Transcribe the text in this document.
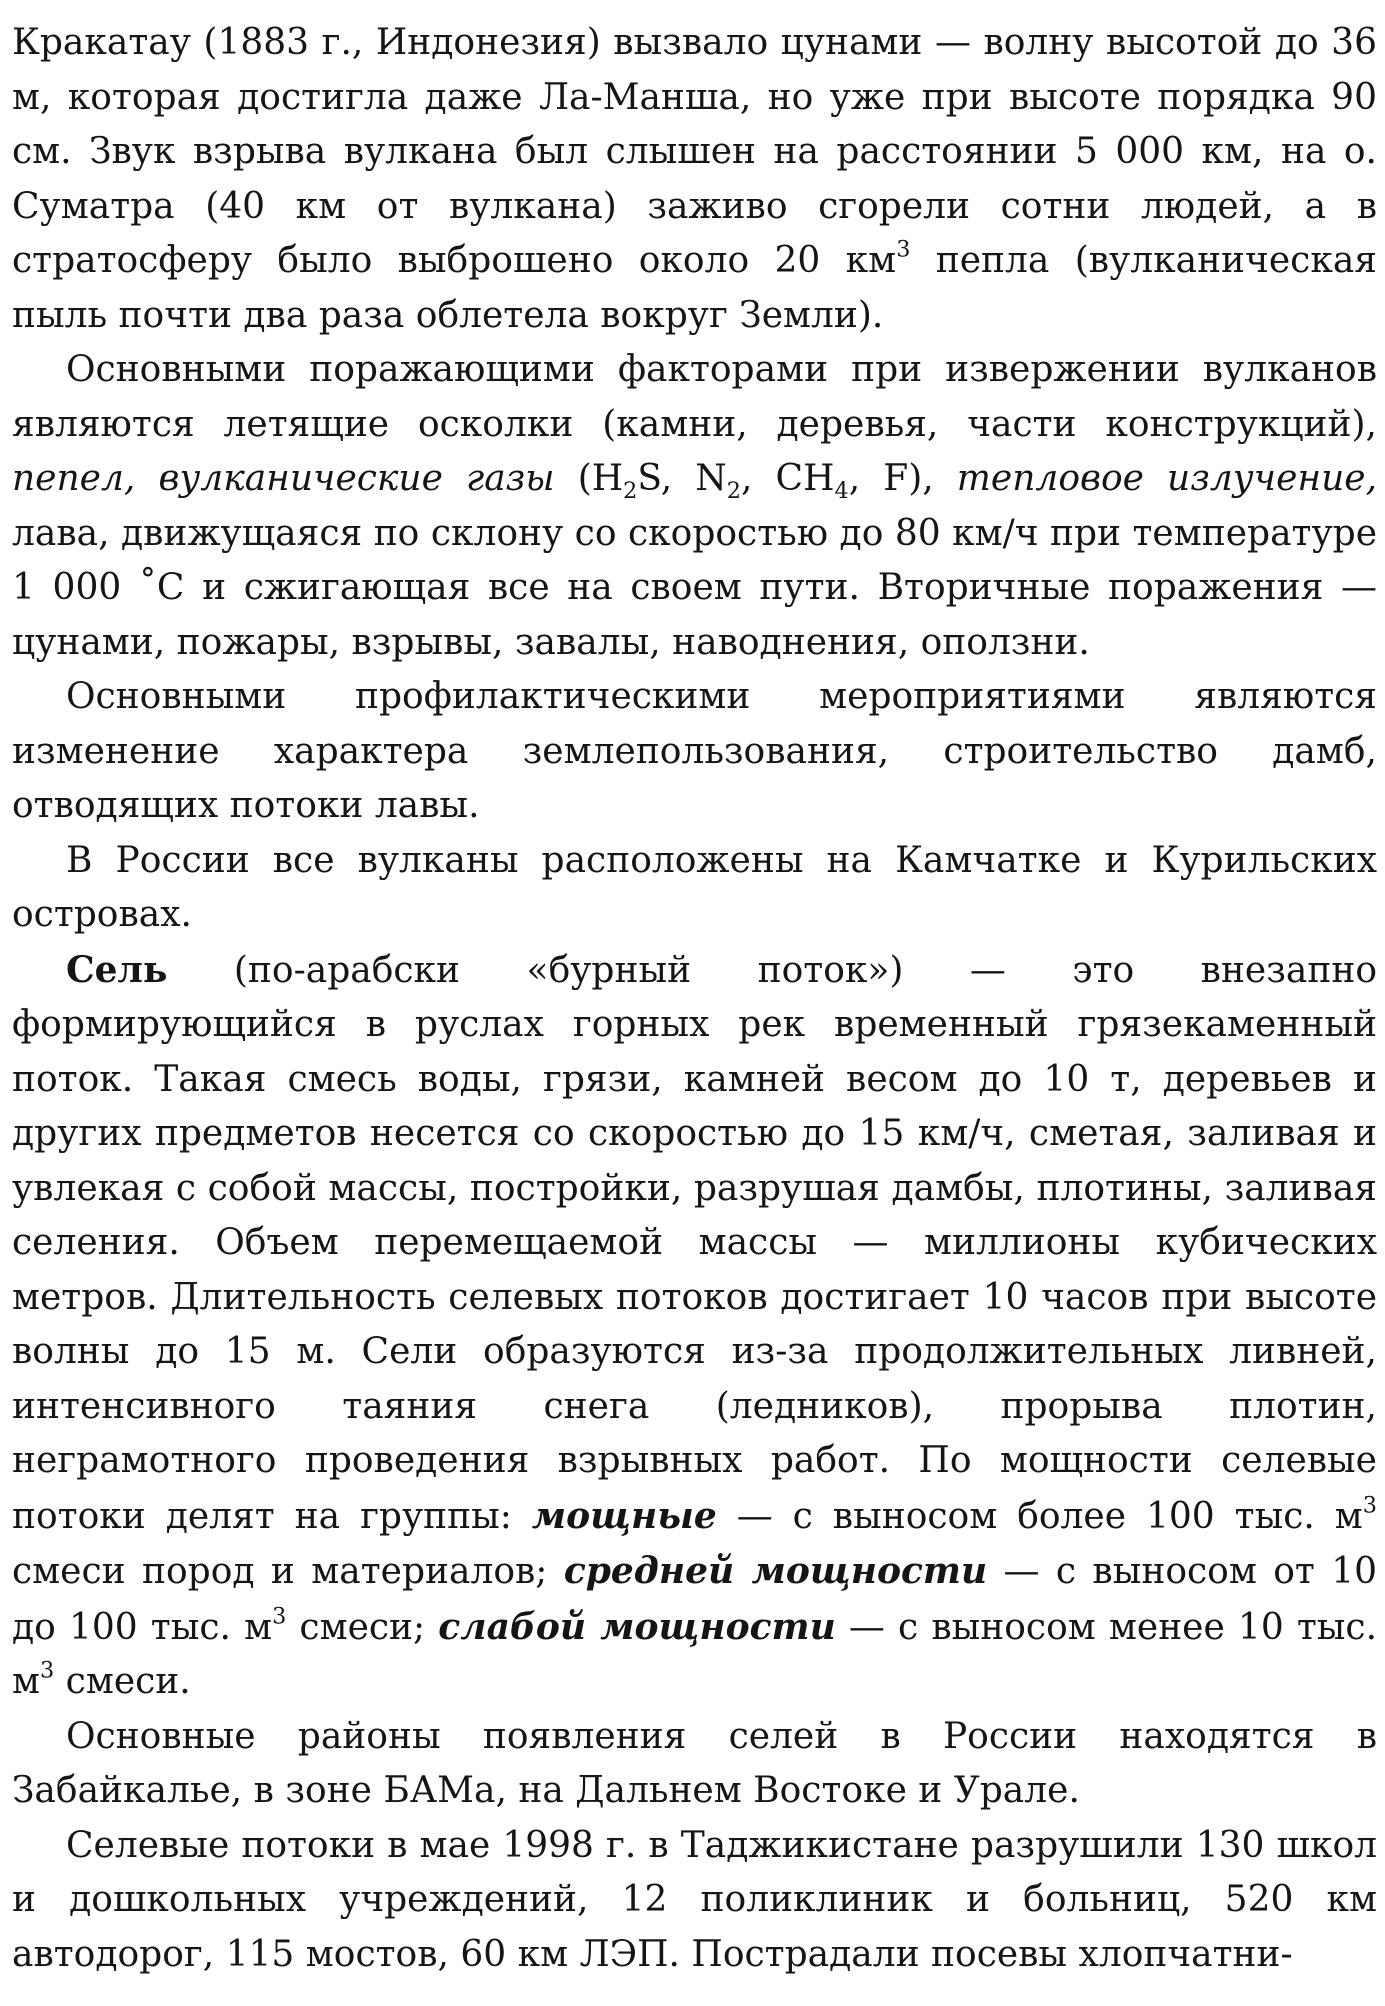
Кракатау (1883 г., Индонезия) вызвало цунами — волну высотой до 36 м, которая достигла даже Ла-Манша, но уже при высоте порядка 90 см. Звук взрыва вулкана был слышен на расстоянии 5 000 км, на о. Суматра (40 км от вулкана) заживо сгорели сотни людей, а в стратосферу было выброшено около 20 $км^3$ пепла (вулканическая пыль почти два раза облетела вокруг Земли).

Основными поражающими факторами при извержении вулканов являются летящие осколки (камни, деревья, части конструкций), пепел, вулканические газы ($H_2S$, $N_2$, $CH_4$, F), тепловое излучение, лава, движущаяся по склону со скоростью до 80 км/ч при температуре 1 000 ˚С и сжигающая все на своем пути. Вторичные поражения — цунами, пожары, взрывы, завалы, наводнения, оползни.

Основными профилактическими мероприятиями являются изменение характера землепользования, строительство дамб, отводящих потоки лавы.

В России все вулканы расположены на Камчатке и Курильских островах.

Сель (по-арабски «бурный поток») — это внезапно формирующийся в руслах горных рек временный грязекаменный поток. Такая смесь воды, грязи, камней весом до 10 т, деревьев и других предметов несется со скоростью до 15 км/ч, сметая, заливая и увлекая с собой массы, постройки, разрушая дамбы, плотины, заливая селения. Объем перемещаемой массы — миллионы кубических метров. Длительность селевых потоков достигает 10 часов при высоте волны до 15 м. Сели образуются из-за продолжительных ливней, интенсивного таяния снега (ледников), прорыва плотин, неграмотного проведения взрывных работ. По мощности селевые потоки делят на группы: мощные — с выносом более 100 тыс. $м^3$ смеси пород и материалов; средней мощности — с выносом от 10 до 100 тыс. $м^3$ смеси; слабой мощности — с выносом менее 10 тыс. $м^3$ смеси.

Основные районы появления селей в России находятся в Забайкалье, в зоне БАМа, на Дальнем Востоке и Урале.

Селевые потоки в мае 1998 г. в Таджикистане разрушили 130 школ и дошкольных учреждений, 12 поликлиник и больниц, 520 км автодорог, 115 мостов, 60 км ЛЭП. Пострадали посевы хлопчатни-
